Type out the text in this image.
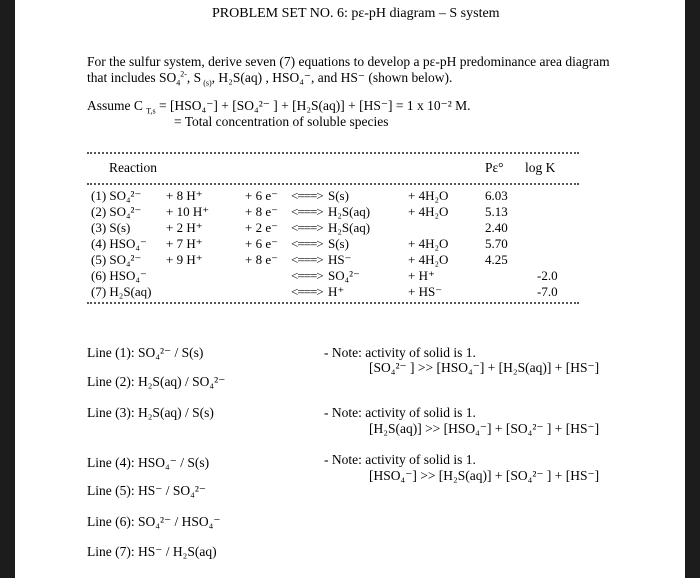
PROBLEM SET NO. 6: pε-pH diagram – S system
For the sulfur system, derive seven (7) equations to develop a pε-pH predominance area diagram
that includes $SO_4^{2-}$, S $_{(s)}$, H₂S(aq) , HSO₄⁻, and HS⁻ (shown below).
Assume C $_{T,s}$ = [HSO₄⁻] + [SO₄²⁻ ] + [H₂S(aq)] + [HS⁻] = 1 x 10⁻² M.
= Total concentration of soluble species
Reaction	Pε° log K
(1) SO₄²⁻
(2) SO₄²⁻
(3) S(s)
(4) HSO₄⁻
(5) SO₄²⁻
(6) HSO₄⁻
(7) H₂S(aq)
+ 8 H⁺
+ 10 H⁺
+ 2 H⁺
+ 7 H⁺
+ 9 H⁺
+ 6 e⁻
+ 8 e⁻
+ 2 e⁻
+ 6 e⁻
+ 8 e⁻
<===>
<===>
<===>
<===>
<===>
<===>
<===>
S(s)
H₂S(aq)
H₂S(aq)
S(s)
HS⁻
SO₄²⁻
H⁺
+ 4H₂O
+ 4H₂O
+ 4H₂O
+ 4H₂O
+ H⁺
+ HS⁻
6.03
5.13
2.40
5.70
4.25
-2.0
-7.0
Line (1): SO₄²⁻ / S(s)
Line (2): H₂S(aq) / SO₄²⁻
Line (3): H₂S(aq) / S(s)
Line (4): HSO₄⁻ / S(s)
Line (5): HS⁻ / SO₄²⁻
Line (6): SO₄²⁻ / HSO₄⁻
Line (7): HS⁻ / H₂S(aq)
- Note: activity of solid is 1.
[SO₄²⁻ ] >> [HSO₄⁻] + [H₂S(aq)] + [HS⁻]
- Note: activity of solid is 1.
[H₂S(aq)] >> [HSO₄⁻] + [SO₄²⁻ ] + [HS⁻]
- Note: activity of solid is 1.
[HSO₄⁻] >> [H₂S(aq)] + [SO₄²⁻ ] + [HS⁻]
